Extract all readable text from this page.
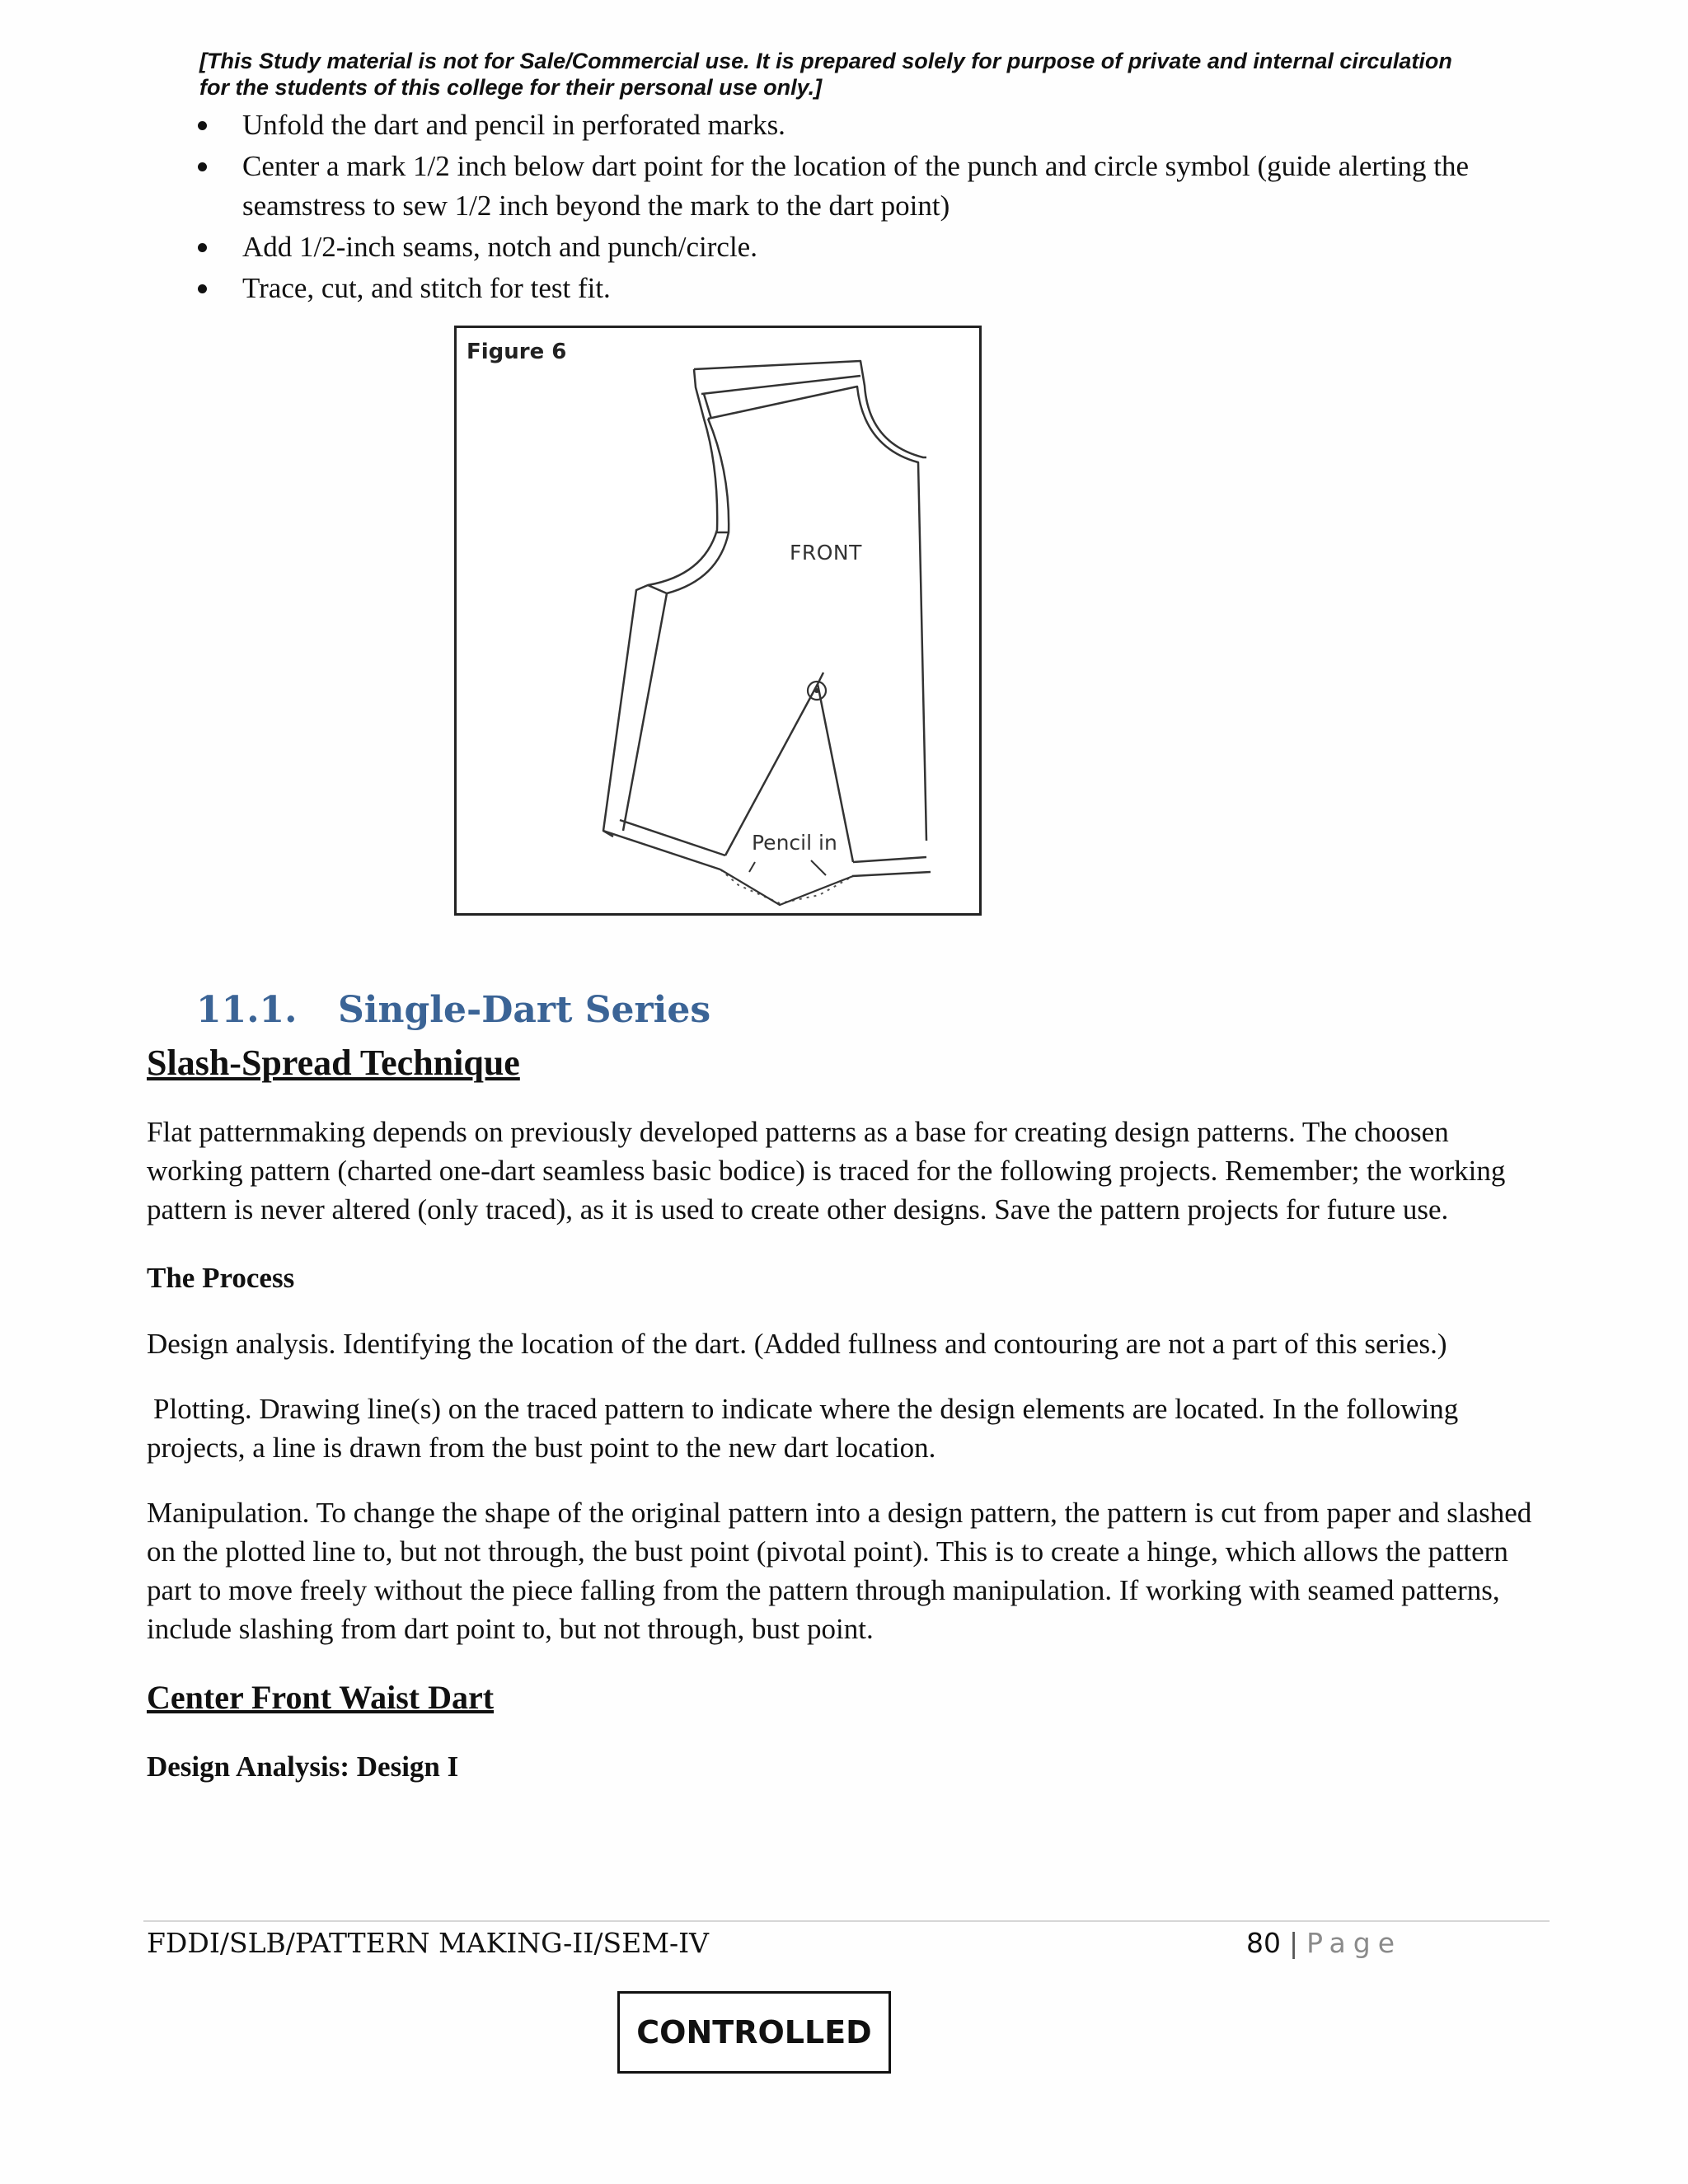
[This Study material is not for Sale/Commercial use. It is prepared solely for purpose of private and internal circulation for the students of this college for their personal use only.]
Unfold the dart and pencil in perforated marks.
Center a mark 1/2 inch below dart point for the location of the punch and circle symbol (guide alerting the seamstress to sew 1/2 inch beyond the mark to the dart point)
Add 1/2-inch seams, notch and punch/circle.
Trace, cut, and stitch for test fit.
Figure 6
FRONT
Pencil in
11.1. Single-Dart Series
Slash-Spread Technique

Flat patternmaking depends on previously developed patterns as a base for creating design patterns. The choosen working pattern (charted one-dart seamless basic bodice) is traced for the following projects. Remember; the working pattern is never altered (only traced), as it is used to create other designs. Save the pattern projects for future use.

The Process

Design analysis. Identifying the location of the dart. (Added fullness and contouring are not a part of this series.)

Plotting. Drawing line(s) on the traced pattern to indicate where the design elements are located. In the following projects, a line is drawn from the bust point to the new dart location.

Manipulation. To change the shape of the original pattern into a design pattern, the pattern is cut from paper and slashed on the plotted line to, but not through, the bust point (pivotal point). This is to create a hinge, which allows the pattern part to move freely without the piece falling from the pattern through manipulation. If working with seamed patterns, include slashing from dart point to, but not through, bust point.

Center Front Waist Dart
Design Analysis: Design I
FDDI/SLB/PATTERN MAKING-II/SEM-IV	80 | Page
CONTROLLED
